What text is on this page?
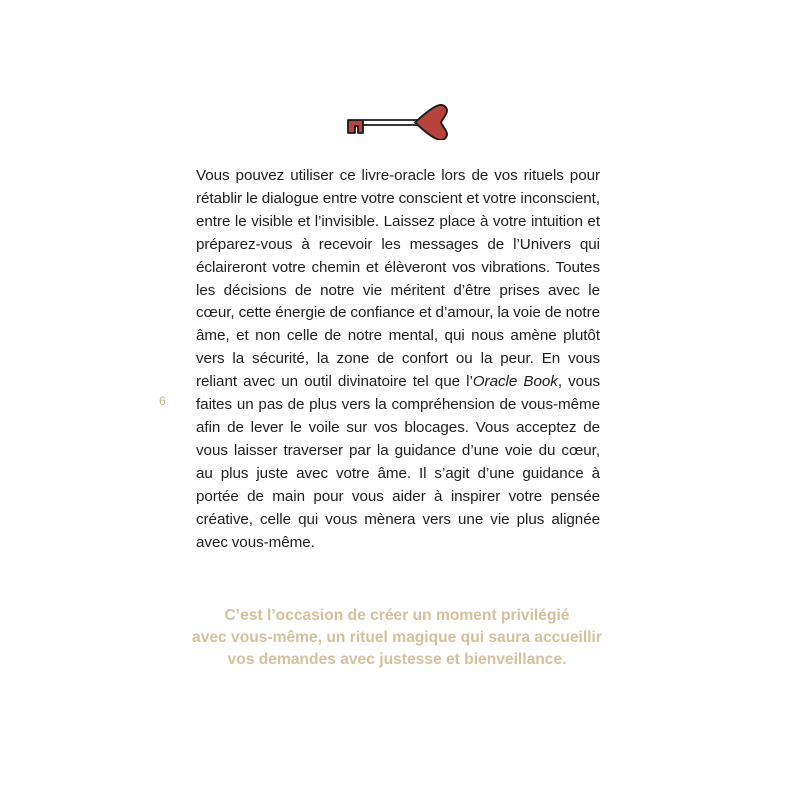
6

Vous pouvez utiliser ce livre-oracle lors de vos rituels pour rétablir le dialogue entre votre conscient et votre inconscient, entre le visible et l’invisible. Laissez place à votre intuition et préparez-vous à recevoir les messages de l’Univers qui éclaireront votre chemin et élèveront vos vibrations. Toutes les décisions de notre vie méritent d’être prises avec le cœur, cette énergie de confiance et d’amour, la voie de notre âme, et non celle de notre mental, qui nous amène plutôt vers la sécurité, la zone de confort ou la peur. En vous reliant avec un outil divinatoire tel que l’Oracle Book, vous faites un pas de plus vers la compréhension de vous-même afin de lever le voile sur vos blocages. Vous acceptez de vous laisser traverser par la guidance d’une voie du cœur, au plus juste avec votre âme. Il s’agit d’une guidance à portée de main pour vous aider à inspirer votre pensée créative, celle qui vous mènera vers une vie plus alignée avec vous-même.

C’est l’occasion de créer un moment privilégié
avec vous-même, un rituel magique qui saura accueillir
vos demandes avec justesse et bienveillance.
